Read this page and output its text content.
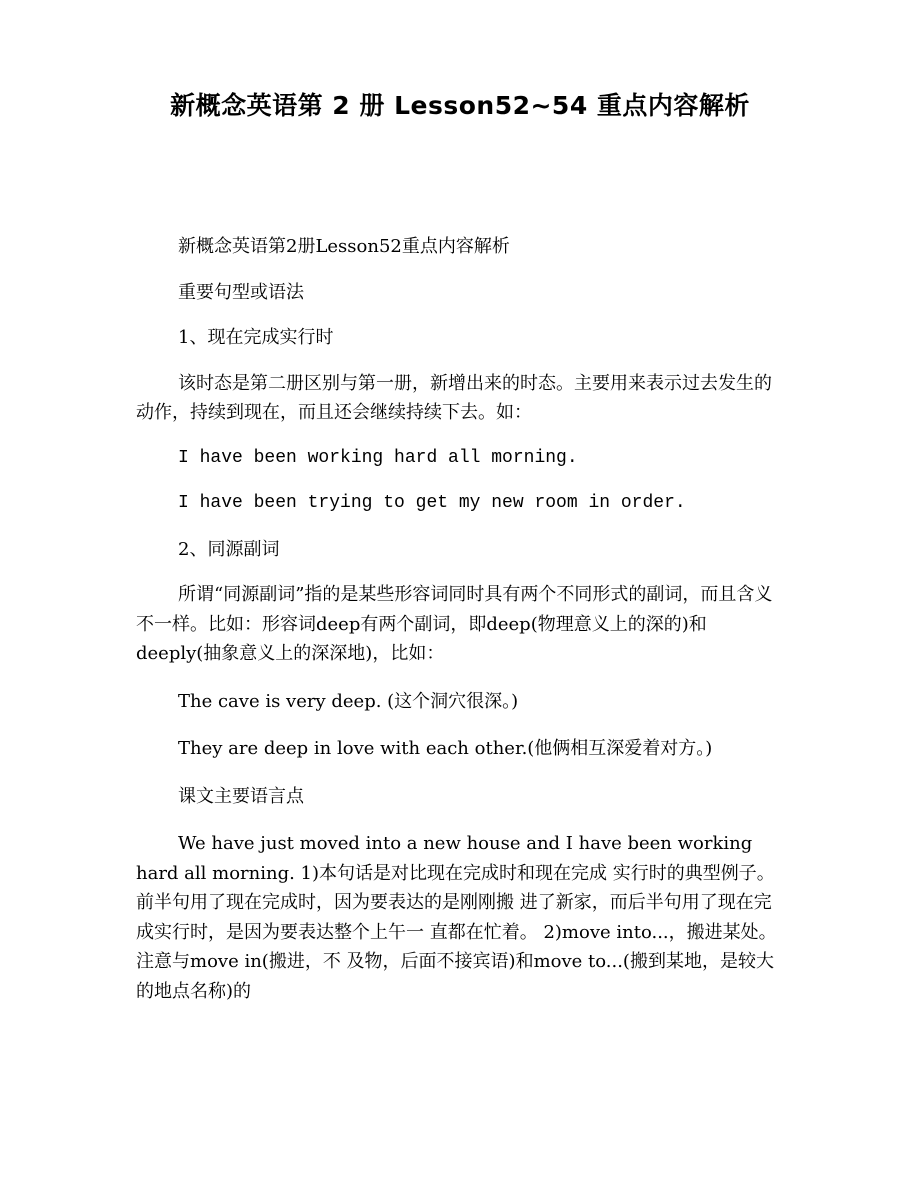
新概念英语第 2 册 Lesson52~54 重点内容解析

新概念英语第2册Lesson52重点内容解析

重要句型或语法

1、现在完成实行时

该时态是第二册区别与第一册，新增出来的时态。主要用来表示过去发生的动作，持续到现在，而且还会继续持续下去。如：

I have been working hard all morning.

I have been trying to get my new room in order.

2、同源副词

所谓“同源副词”指的是某些形容词同时具有两个不同形式的副词，而且含义不一样。比如：形容词deep有两个副词，即deep(物理意义上的深的)和deeply(抽象意义上的深深地)，比如：

The cave is very deep. (这个洞穴很深。)

They are deep in love with each other.(他俩相互深爱着对方。)

课文主要语言点

We have just moved into a new house and I have been working hard all morning. 1)本句话是对比现在完成时和现在完成 实行时的典型例子。前半句用了现在完成时，因为要表达的是刚刚搬 进了新家，而后半句用了现在完成实行时，是因为要表达整个上午一 直都在忙着。 2)move into...，搬进某处。注意与move in(搬进，不 及物，后面不接宾语)和move to...(搬到某地，是较大的地点名称)的
